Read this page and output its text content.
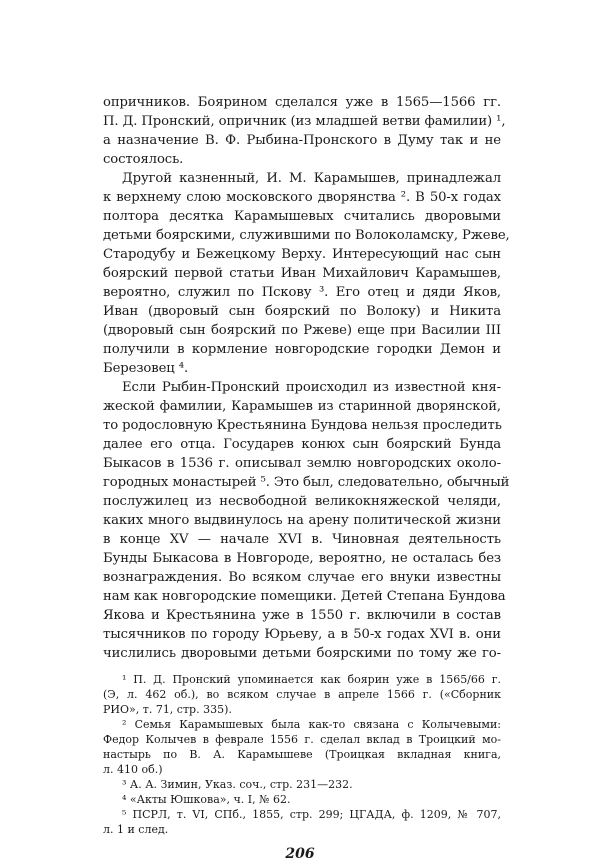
опричников. Боярином сделался уже в 1565—1566 гг.
П. Д. Пронский, опричник (из младшей ветви фамилии) ¹,
а назначение В. Ф. Рыбина-Пронского в Думу так и не
состоялось.
Другой казненный, И. М. Карамышев, принадлежал
к верхнему слою московского дворянства ². В 50-х годах
полтора десятка Карамышевых считались дворовыми
детьми боярскими, служившими по Волоколамску, Ржеве,
Стародубу и Бежецкому Верху. Интересующий нас сын
боярский первой статьи Иван Михайлович Карамышев,
вероятно, служил по Пскову ³. Его отец и дяди Яков,
Иван (дворовый сын боярский по Волоку) и Никита
(дворовый сын боярский по Ржеве) еще при Василии III
получили в кормление новгородские городки Демон и
Березовец ⁴.
Если Рыбин-Пронский происходил из известной кня-
жеской фамилии, Карамышев из старинной дворянской,
то родословную Крестьянина Бундова нельзя проследить
далее его отца. Государев конюх сын боярский Бунда
Быкасов в 1536 г. описывал землю новгородских около-
городных монастырей ⁵. Это был, следовательно, обычный
послужилец из несвободной великокняжеской челяди,
каких много выдвинулось на арену политической жизни
в конце XV — начале XVI в. Чиновная деятельность
Бунды Быкасова в Новгороде, вероятно, не осталась без
вознаграждения. Во всяком случае его внуки известны
нам как новгородские помещики. Детей Степана Бундова
Якова и Крестьянина уже в 1550 г. включили в состав
тысячников по городу Юрьеву, а в 50-х годах XVI в. они
числились дворовыми детьми боярскими по тому же го-
¹ П. Д. Пронский упоминается как боярин уже в 1565/66 г.
(Э, л. 462 об.), во всяком случае в апреле 1566 г. («Сборник
РИО», т. 71, стр. 335).
² Семья Карамышевых была как-то связана с Колычевыми:
Федор Колычев в феврале 1556 г. сделал вклад в Троицкий мо-
настырь по В. А. Карамышеве (Троицкая вкладная книга,
л. 410 об.)
³ А. А. Зимин, Указ. соч., стр. 231—232.
⁴ «Акты Юшкова», ч. I, № 62.
⁵ ПСРЛ, т. VI, СПб., 1855, стр. 299; ЦГАДА, ф. 1209, № 707,
л. 1 и след.
206
